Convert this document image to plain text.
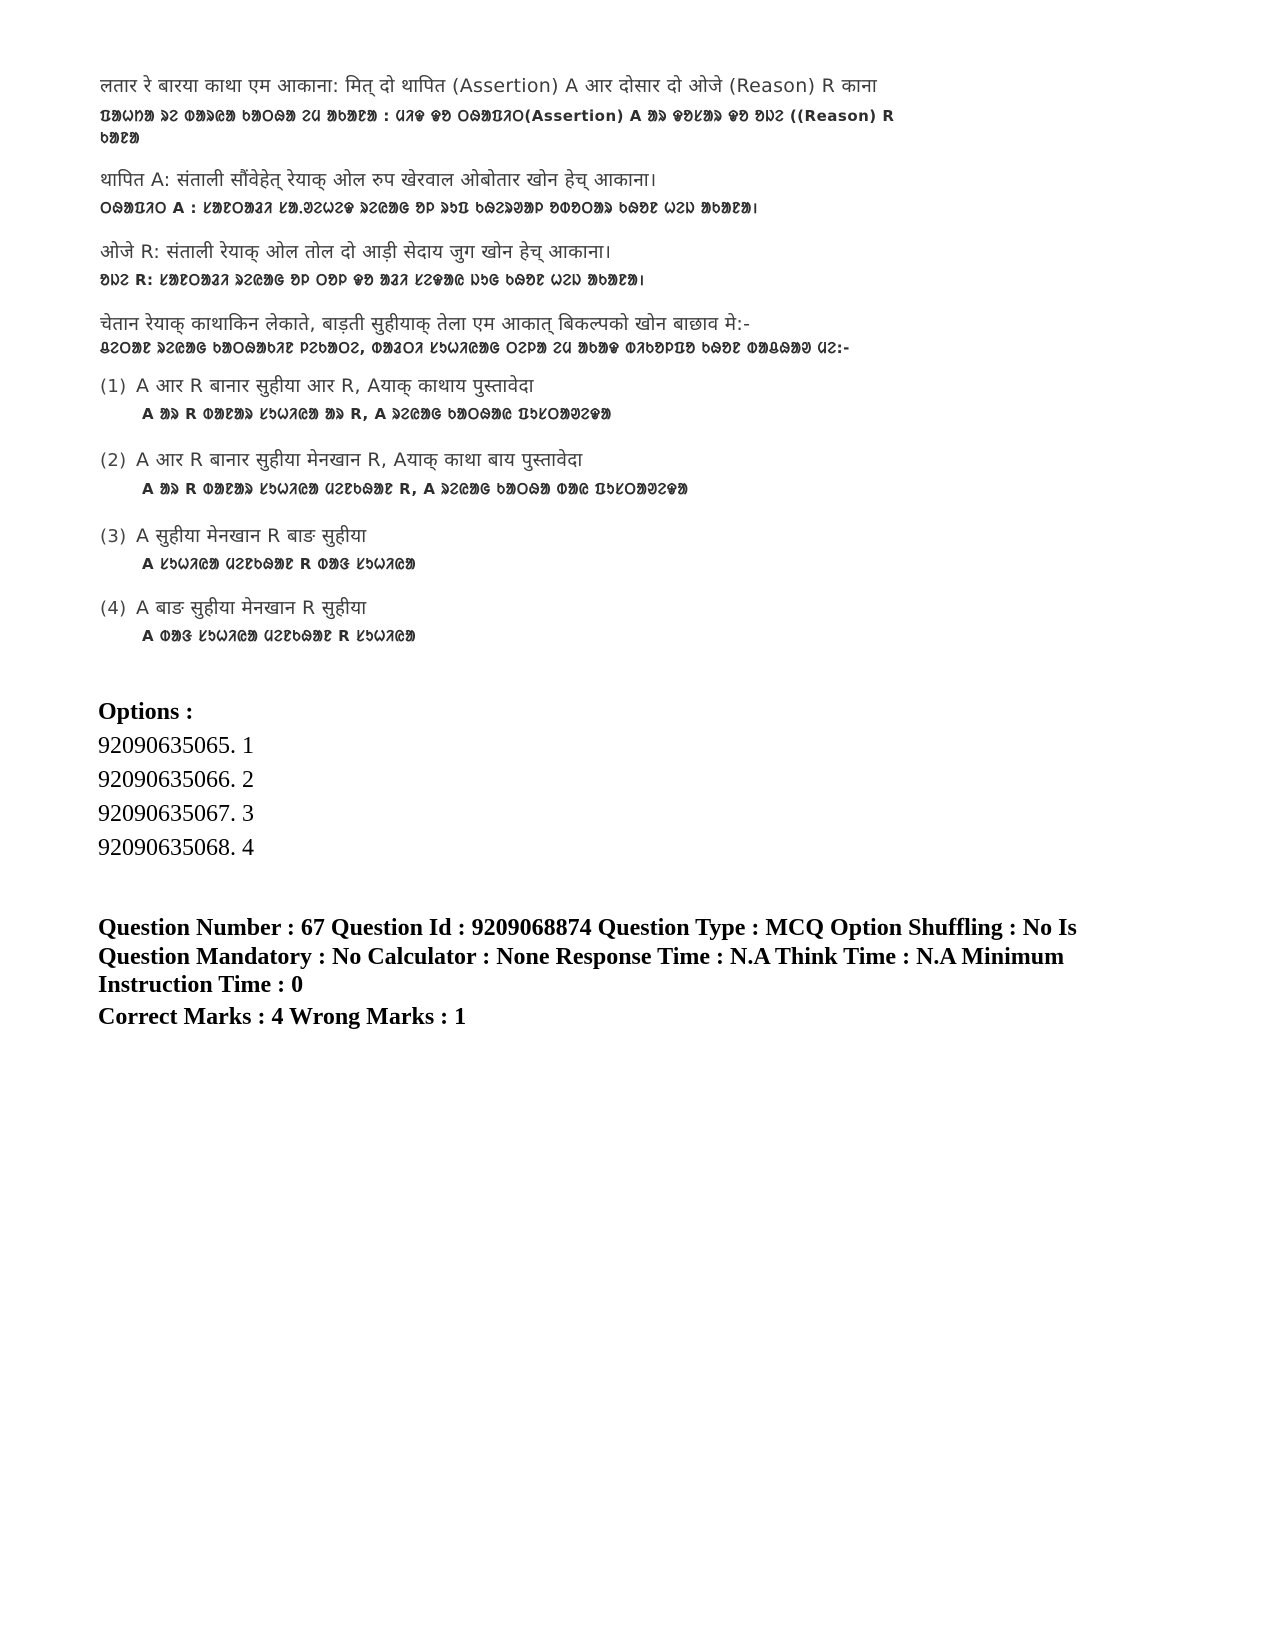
लतार रे बारया काथा एम आकाना: मित् दो थापित (Assertion) A आर दोसार दो ओजे (Reason) R काना
ᱯᱟᱦᱴᱟ ᱨᱮ ᱵᱟᱨᱭᱟ ᱠᱟᱛᱷᱟ ᱮᱢ ᱟᱠᱟᱱᱟ : ᱢᱤᱫ ᱫᱚ ᱛᱷᱟᱯᱤᱛ(Assertion) A ᱟᱨ ᱫᱚᱥᱟᱨ ᱫᱚ ᱚᱡᱮ ((Reason) R
ᱠᱟᱱᱟ
थापित A: संताली सौंवेहेत् रेयाक् ओल रुप खेरवाल ओबोतार खोन हेच् आकाना।
ᱛᱷᱟᱯᱤᱛ A : ᱥᱟᱱᱛᱟᱲᱤ ᱥᱟᱹᱣᱮᱦᱮᱫ ᱨᱮᱭᱟᱜ ᱚᱞ ᱨᱩᱯ ᱠᱷᱮᱨᱣᱟᱞ ᱚᱵᱚᱛᱟᱨ ᱠᱷᱚᱱ ᱦᱮᱡ ᱟᱠᱟᱱᱟ।
ओजे R: संताली रेयाक् ओल तोल दो आड़ी सेदाय जुग खोन हेच् आकाना।
ᱚᱡᱮ R: ᱥᱟᱱᱛᱟᱲᱤ ᱨᱮᱭᱟᱜ ᱚᱞ ᱛᱚᱞ ᱫᱚ ᱟᱲᱤ ᱥᱮᱫᱟᱭ ᱡᱩᱜ ᱠᱷᱚᱱ ᱦᱮᱡ ᱟᱠᱟᱱᱟ।
चेतान रेयाक् काथाकिन लेकाते, बाड़ती सुहीयाक् तेला एम आकात् बिकल्पको खोन बाछाव मे:-
ᱪᱮᱛᱟᱱ ᱨᱮᱭᱟᱜ ᱠᱟᱛᱷᱟᱠᱤᱱ ᱞᱮᱠᱟᱛᱮ, ᱵᱟᱲᱛᱤ ᱥᱩᱦᱤᱭᱟᱜ ᱛᱮᱞᱟ ᱮᱢ ᱟᱠᱟᱫ ᱵᱤᱠᱚᱞᱯᱚ ᱠᱷᱚᱱ ᱵᱟᱪᱷᱟᱣ ᱢᱮ:-
(1) A आर R बानार सुहीया आर R, Aयाक् काथाय पुस्तावेदा
A ᱟᱨ R ᱵᱟᱱᱟᱨ ᱥᱩᱦᱤᱭᱟ ᱟᱨ R, A ᱨᱮᱭᱟᱜ ᱠᱟᱛᱷᱟᱭ ᱯᱩᱥᱛᱟᱣᱮᱫᱟ
(2) A आर R बानार सुहीया मेनखान R, Aयाक् काथा बाय पुस्तावेदा
A ᱟᱨ R ᱵᱟᱱᱟᱨ ᱥᱩᱦᱤᱭᱟ ᱢᱮᱱᱠᱷᱟᱱ R, A ᱨᱮᱭᱟᱜ ᱠᱟᱛᱷᱟ ᱵᱟᱭ ᱯᱩᱥᱛᱟᱣᱮᱫᱟ
(3) A सुहीया मेनखान R बाङ सुहीया
A ᱥᱩᱦᱤᱭᱟ ᱢᱮᱱᱠᱷᱟᱱ R ᱵᱟᱝ ᱥᱩᱦᱤᱭᱟ
(4) A बाङ सुहीया मेनखान R सुहीया
A ᱵᱟᱝ ᱥᱩᱦᱤᱭᱟ ᱢᱮᱱᱠᱷᱟᱱ R ᱥᱩᱦᱤᱭᱟ

Options :

92090635065. 1

92090635066. 2

92090635067. 3

92090635068. 4

Question Number : 67 Question Id : 9209068874 Question Type : MCQ Option Shuffling : No Is Question Mandatory : No Calculator : None Response Time : N.A Think Time : N.A Minimum Instruction Time : 0

Correct Marks : 4 Wrong Marks : 1
